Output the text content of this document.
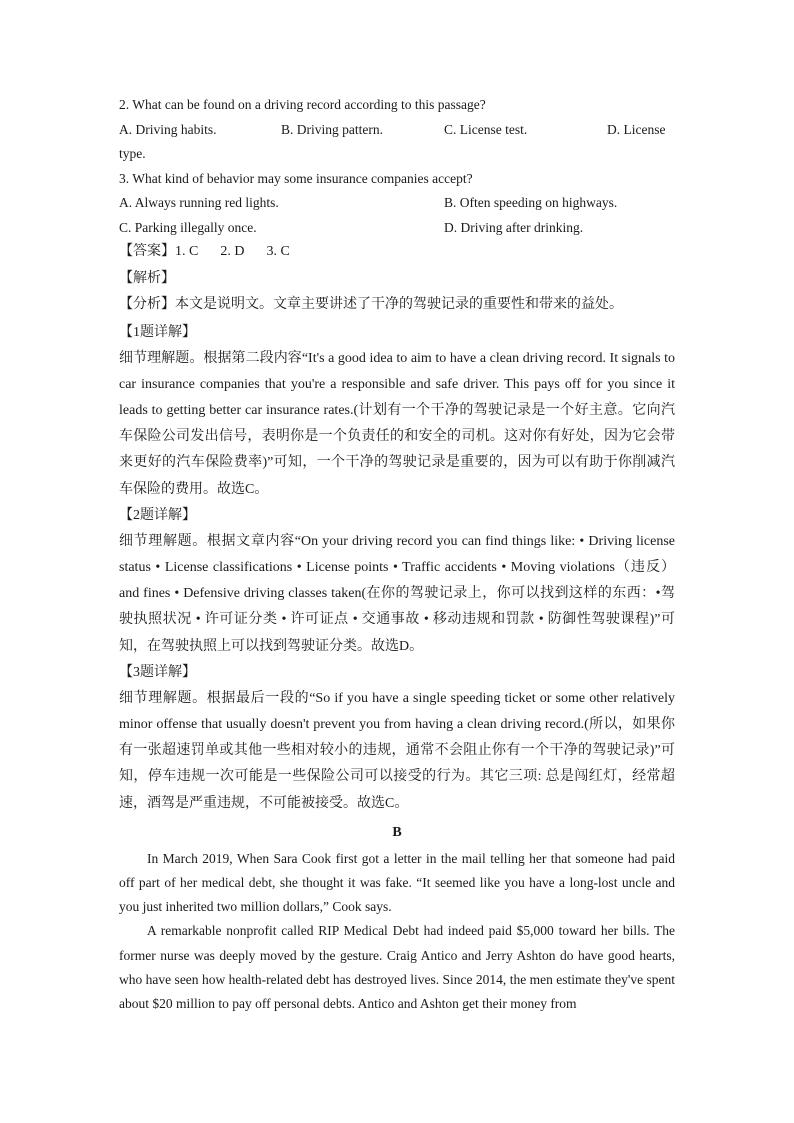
2. What can be found on a driving record according to this passage?
A. Driving habits.	B. Driving pattern.	C. License test.	D. License
type.
3. What kind of behavior may some insurance companies accept?
A. Always running red lights.	B. Often speeding on highways.
C. Parking illegally once.	D. Driving after drinking.
【答案】1. C 2. D 3. C
【解析】
【分析】本文是说明文。文章主要讲述了干净的驾驶记录的重要性和带来的益处。
【1题详解】

细节理解题。根据第二段内容“It's a good idea to aim to have a clean driving record. It signals to car insurance companies that you're a responsible and safe driver. This pays off for you since it leads to getting better car insurance rates.(计划有一个干净的驾驶记录是一个好主意。它向汽车保险公司发出信号，表明你是一个负责任的和安全的司机。这对你有好处，因为它会带来更好的汽车保险费率)”可知，一个干净的驾驶记录是重要的，因为可以有助于你削减汽车保险的费用。故选C。

【2题详解】

细节理解题。根据文章内容“On your driving record you can find things like: • Driving license status • License classifications • License points • Traffic accidents • Moving violations（违反）and fines • Defensive driving classes taken(在你的驾驶记录上，你可以找到这样的东西：•驾驶执照状况 • 许可证分类 • 许可证点 • 交通事故 • 移动违规和罚款 • 防御性驾驶课程)”可知，在驾驶执照上可以找到驾驶证分类。故选D。

【3题详解】

细节理解题。根据最后一段的“So if you have a single speeding ticket or some other relatively minor offense that usually doesn't prevent you from having a clean driving record.(所以，如果你有一张超速罚单或其他一些相对较小的违规，通常不会阻止你有一个干净的驾驶记录)”可知，停车违规一次可能是一些保险公司可以接受的行为。其它三项: 总是闯红灯，经常超速，酒驾是严重违规，不可能被接受。故选C。

B

In March 2019, When Sara Cook first got a letter in the mail telling her that someone had paid off part of her medical debt, she thought it was fake. “It seemed like you have a long-lost uncle and you just inherited two million dollars,” Cook says.

A remarkable nonprofit called RIP Medical Debt had indeed paid $5,000 toward her bills. The former nurse was deeply moved by the gesture. Craig Antico and Jerry Ashton do have good hearts, who have seen how health-related debt has destroyed lives. Since 2014, the men estimate they've spent about $20 million to pay off personal debts. Antico and Ashton get their money from
